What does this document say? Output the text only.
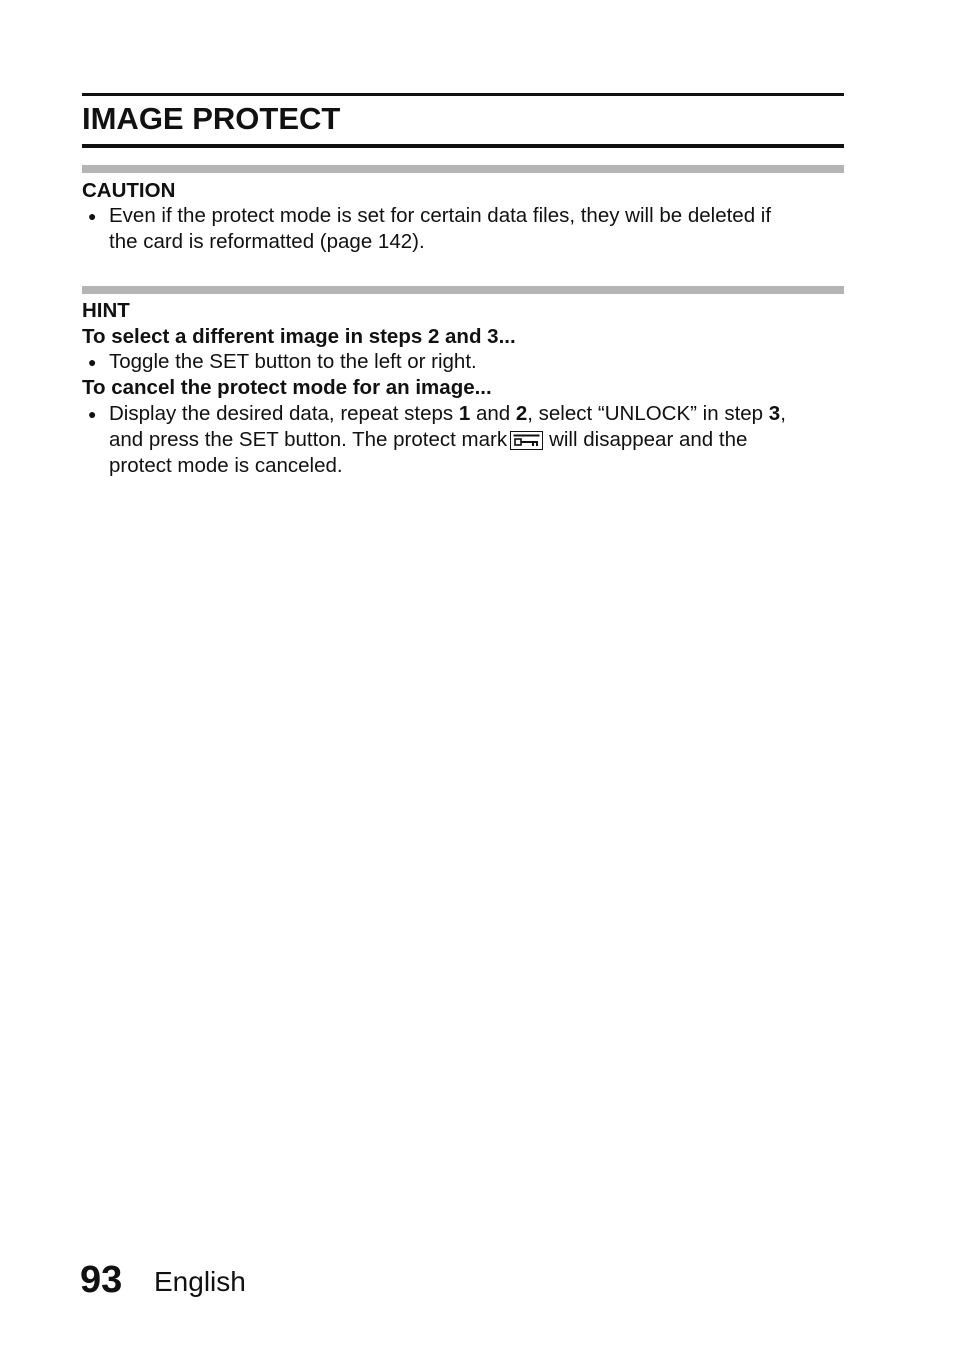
IMAGE PROTECT
CAUTION
● Even if the protect mode is set for certain data files, they will be deleted if
the card is reformatted (page 142).
HINT
To select a different image in steps 2 and 3...
● Toggle the SET button to the left or right.
To cancel the protect mode for an image...
● Display the desired data, repeat steps 1 and 2, select “UNLOCK” in step 3,
and press the SET button. The protect mark will disappear and the
protect mode is canceled.
93 English
